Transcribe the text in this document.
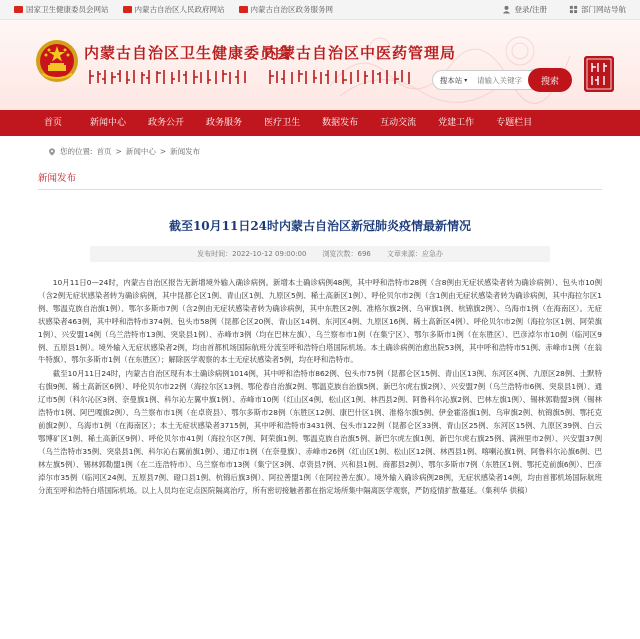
国家卫生健康委员会网站	内蒙古自治区人民政府网站	内蒙古自治区政务服务网	登录/注册	部门网站导航
内蒙古自治区卫生健康委员会
内蒙古自治区中医药管理局
搜本站 ▾
请输入关键字	搜索
首页	新闻中心	政务公开	政务服务	医疗卫生	数据发布	互动交流	党建工作	专题栏目
您的位置: 首页 > 新闻中心 > 新闻发布
新闻发布
截至10月11日24时内蒙古自治区新冠肺炎疫情最新情况
发布时间：2022-10-12 09:00:00 浏览次数：696 文章来源：应急办

10月11日0—24时，内蒙古自治区报告无新增境外输入确诊病例。新增本土确诊病例48例，其中呼和浩特市28例（含8例由无症状感染者转为确诊病例）、包头市10例（含2例无症状感染者转为确诊病例，其中昆都仑区1例、青山区1例、九原区5例、稀土高新区1例）、呼伦贝尔市2例（含1例由无症状感染者转为确诊病例，其中海拉尔区1例、鄂温克族自治旗1例）、鄂尔多斯市7例（含2例由无症状感染者转为确诊病例，其中东胜区2例、准格尔旗2例、乌审旗1例、杭锦旗2例）、乌海市1例（在海南区）。无症状感染者463例，其中呼和浩特市374例、包头市58例（昆都仑区20例、青山区14例、东河区4例、九原区16例、稀土高新区4例）、呼伦贝尔市2例（海拉尔区1例、阿荣旗1例）、兴安盟14例（乌兰浩特市13例、突泉县1例）、赤峰市3例（均在巴林左旗）、乌兰察布市1例（在集宁区）、鄂尔多斯市1例（在东胜区）、巴彦淖尔市10例（临河区9例、五原县1例）。境外输入无症状感染者2例，均由首都机场国际航班分流至呼和浩特白塔国际机场。本土确诊病例治愈出院53例，其中呼和浩特市51例、赤峰市1例（在翁牛特旗）、鄂尔多斯市1例（在东胜区）；解除医学观察的本土无症状感染者5例，均在呼和浩特市。

截至10月11日24时，内蒙古自治区现有本土确诊病例1014例，其中呼和浩特市862例、包头市75例（昆都仑区15例、青山区13例、东河区4例、九原区28例、土默特右旗9例、稀土高新区6例）、呼伦贝尔市22例（海拉尔区13例、鄂伦春自治旗2例、鄂温克族自治旗5例、新巴尔虎右旗2例）、兴安盟7例（乌兰浩特市6例、突泉县1例）、通辽市5例（科尔沁区3例、奈曼旗1例、科尔沁左翼中旗1例）、赤峰市10例（红山区4例、松山区1例、林西县2例、阿鲁科尔沁旗2例、巴林左旗1例）、锡林郭勒盟3例（锡林浩特市1例、阿巴嘎旗2例）、乌兰察布市1例（在卓资县）、鄂尔多斯市28例（东胜区12例、康巴什区1例、准格尔旗5例、伊金霍洛旗1例、乌审旗2例、杭锦旗5例、鄂托克前旗2例）、乌海市1例（在海南区）；本土无症状感染者3715例，其中呼和浩特市3431例、包头市122例（昆都仑区33例、青山区25例、东河区15例、九原区39例、白云鄂博矿区1例、稀土高新区9例）、呼伦贝尔市41例（海拉尔区7例、阿荣旗1例、鄂温克族自治旗5例、新巴尔虎左旗1例、新巴尔虎右旗25例、满洲里市2例）、兴安盟37例（乌兰浩特市35例、突泉县1例、科尔沁右翼前旗1例）、通辽市1例（在奈曼旗）、赤峰市26例（红山区1例、松山区12例、林西县1例、喀喇沁旗1例、阿鲁科尔沁旗6例、巴林左旗5例）、锡林郭勒盟1例（在二连浩特市）、乌兰察布市13例（集宁区3例、卓资县7例、兴和县1例、商都县2例）、鄂尔多斯市7例（东胜区1例、鄂托克前旗6例）、巴彦淖尔市35例（临河区24例、五原县7例、磴口县1例、杭锦后旗3例）、阿拉善盟1例（在阿拉善左旗）。境外输入确诊病例28例，无症状感染者14例，均由首都机场国际航班分流至呼和浩特白塔国际机场。以上人员均在定点医院隔离治疗，所有密切接触者都在指定场所集中隔离医学观察，严防疫情扩散蔓延。（集利华 供稿）
